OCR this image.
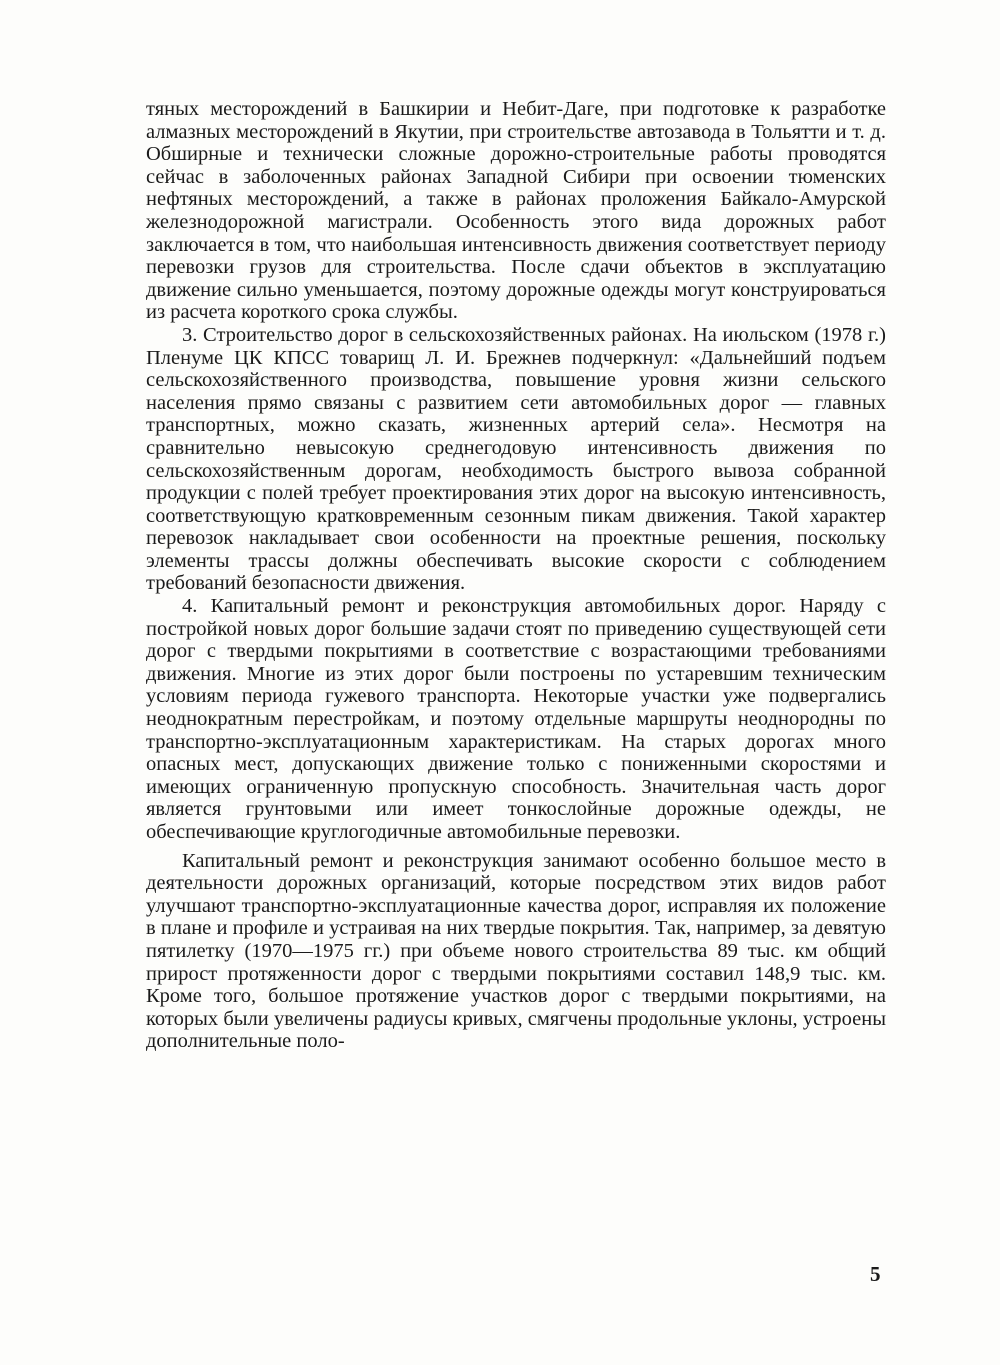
тяных месторождений в Башкирии и Небит-Даге, при подготовке к разработке алмазных месторождений в Якутии, при строительстве автозавода в Тольятти и т. д. Обширные и технически сложные дорожно-строительные работы проводятся сейчас в заболоченных районах Западной Сибири при освоении тюменских нефтяных месторождений, а также в районах проложения Байкало-Амурской железнодорожной магистрали. Особенность этого вида дорожных работ заключается в том, что наибольшая интенсивность движения соответствует периоду перевозки грузов для строительства. После сдачи объектов в эксплуатацию движение сильно уменьшается, поэтому дорожные одежды могут конструироваться из расчета короткого срока службы.

3. Строительство дорог в сельскохозяйственных районах. На июльском (1978 г.) Пленуме ЦК КПСС товарищ Л. И. Брежнев подчеркнул: «Дальнейший подъем сельскохозяйственного производства, повышение уровня жизни сельского населения прямо связаны с развитием сети автомобильных дорог — главных транспортных, можно сказать, жизненных артерий села». Несмотря на сравнительно невысокую среднегодовую интенсивность движения по сельскохозяйственным дорогам, необходимость быстрого вывоза собранной продукции с полей требует проектирования этих дорог на высокую интенсивность, соответствующую кратковременным сезонным пикам движения. Такой характер перевозок накладывает свои особенности на проектные решения, поскольку элементы трассы должны обеспечивать высокие скорости с соблюдением требований безопасности движения.

4. Капитальный ремонт и реконструкция автомобильных дорог. Наряду с постройкой новых дорог большие задачи стоят по приведению существующей сети дорог с твердыми покрытиями в соответствие с возрастающими требованиями движения. Многие из этих дорог были построены по устаревшим техническим условиям периода гужевого транспорта. Некоторые участки уже подвергались неоднократным перестройкам, и поэтому отдельные маршруты неоднородны по транспортно-эксплуатационным характеристикам. На старых дорогах много опасных мест, допускающих движение только с пониженными скоростями и имеющих ограниченную пропускную способность. Значительная часть дорог является грунтовыми или имеет тонкослойные дорожные одежды, не обеспечивающие круглогодичные автомобильные перевозки.

Капитальный ремонт и реконструкция занимают особенно большое место в деятельности дорожных организаций, которые посредством этих видов работ улучшают транспортно-эксплуатационные качества дорог, исправляя их положение в плане и профиле и устраивая на них твердые покрытия. Так, например, за девятую пятилетку (1970—1975 гг.) при объеме нового строительства 89 тыс. км общий прирост протяженности дорог с твердыми покрытиями составил 148,9 тыс. км. Кроме того, большое протяжение участков дорог с твердыми покрытиями, на которых были увеличены радиусы кривых, смягчены продольные уклоны, устроены дополнительные поло-

5
